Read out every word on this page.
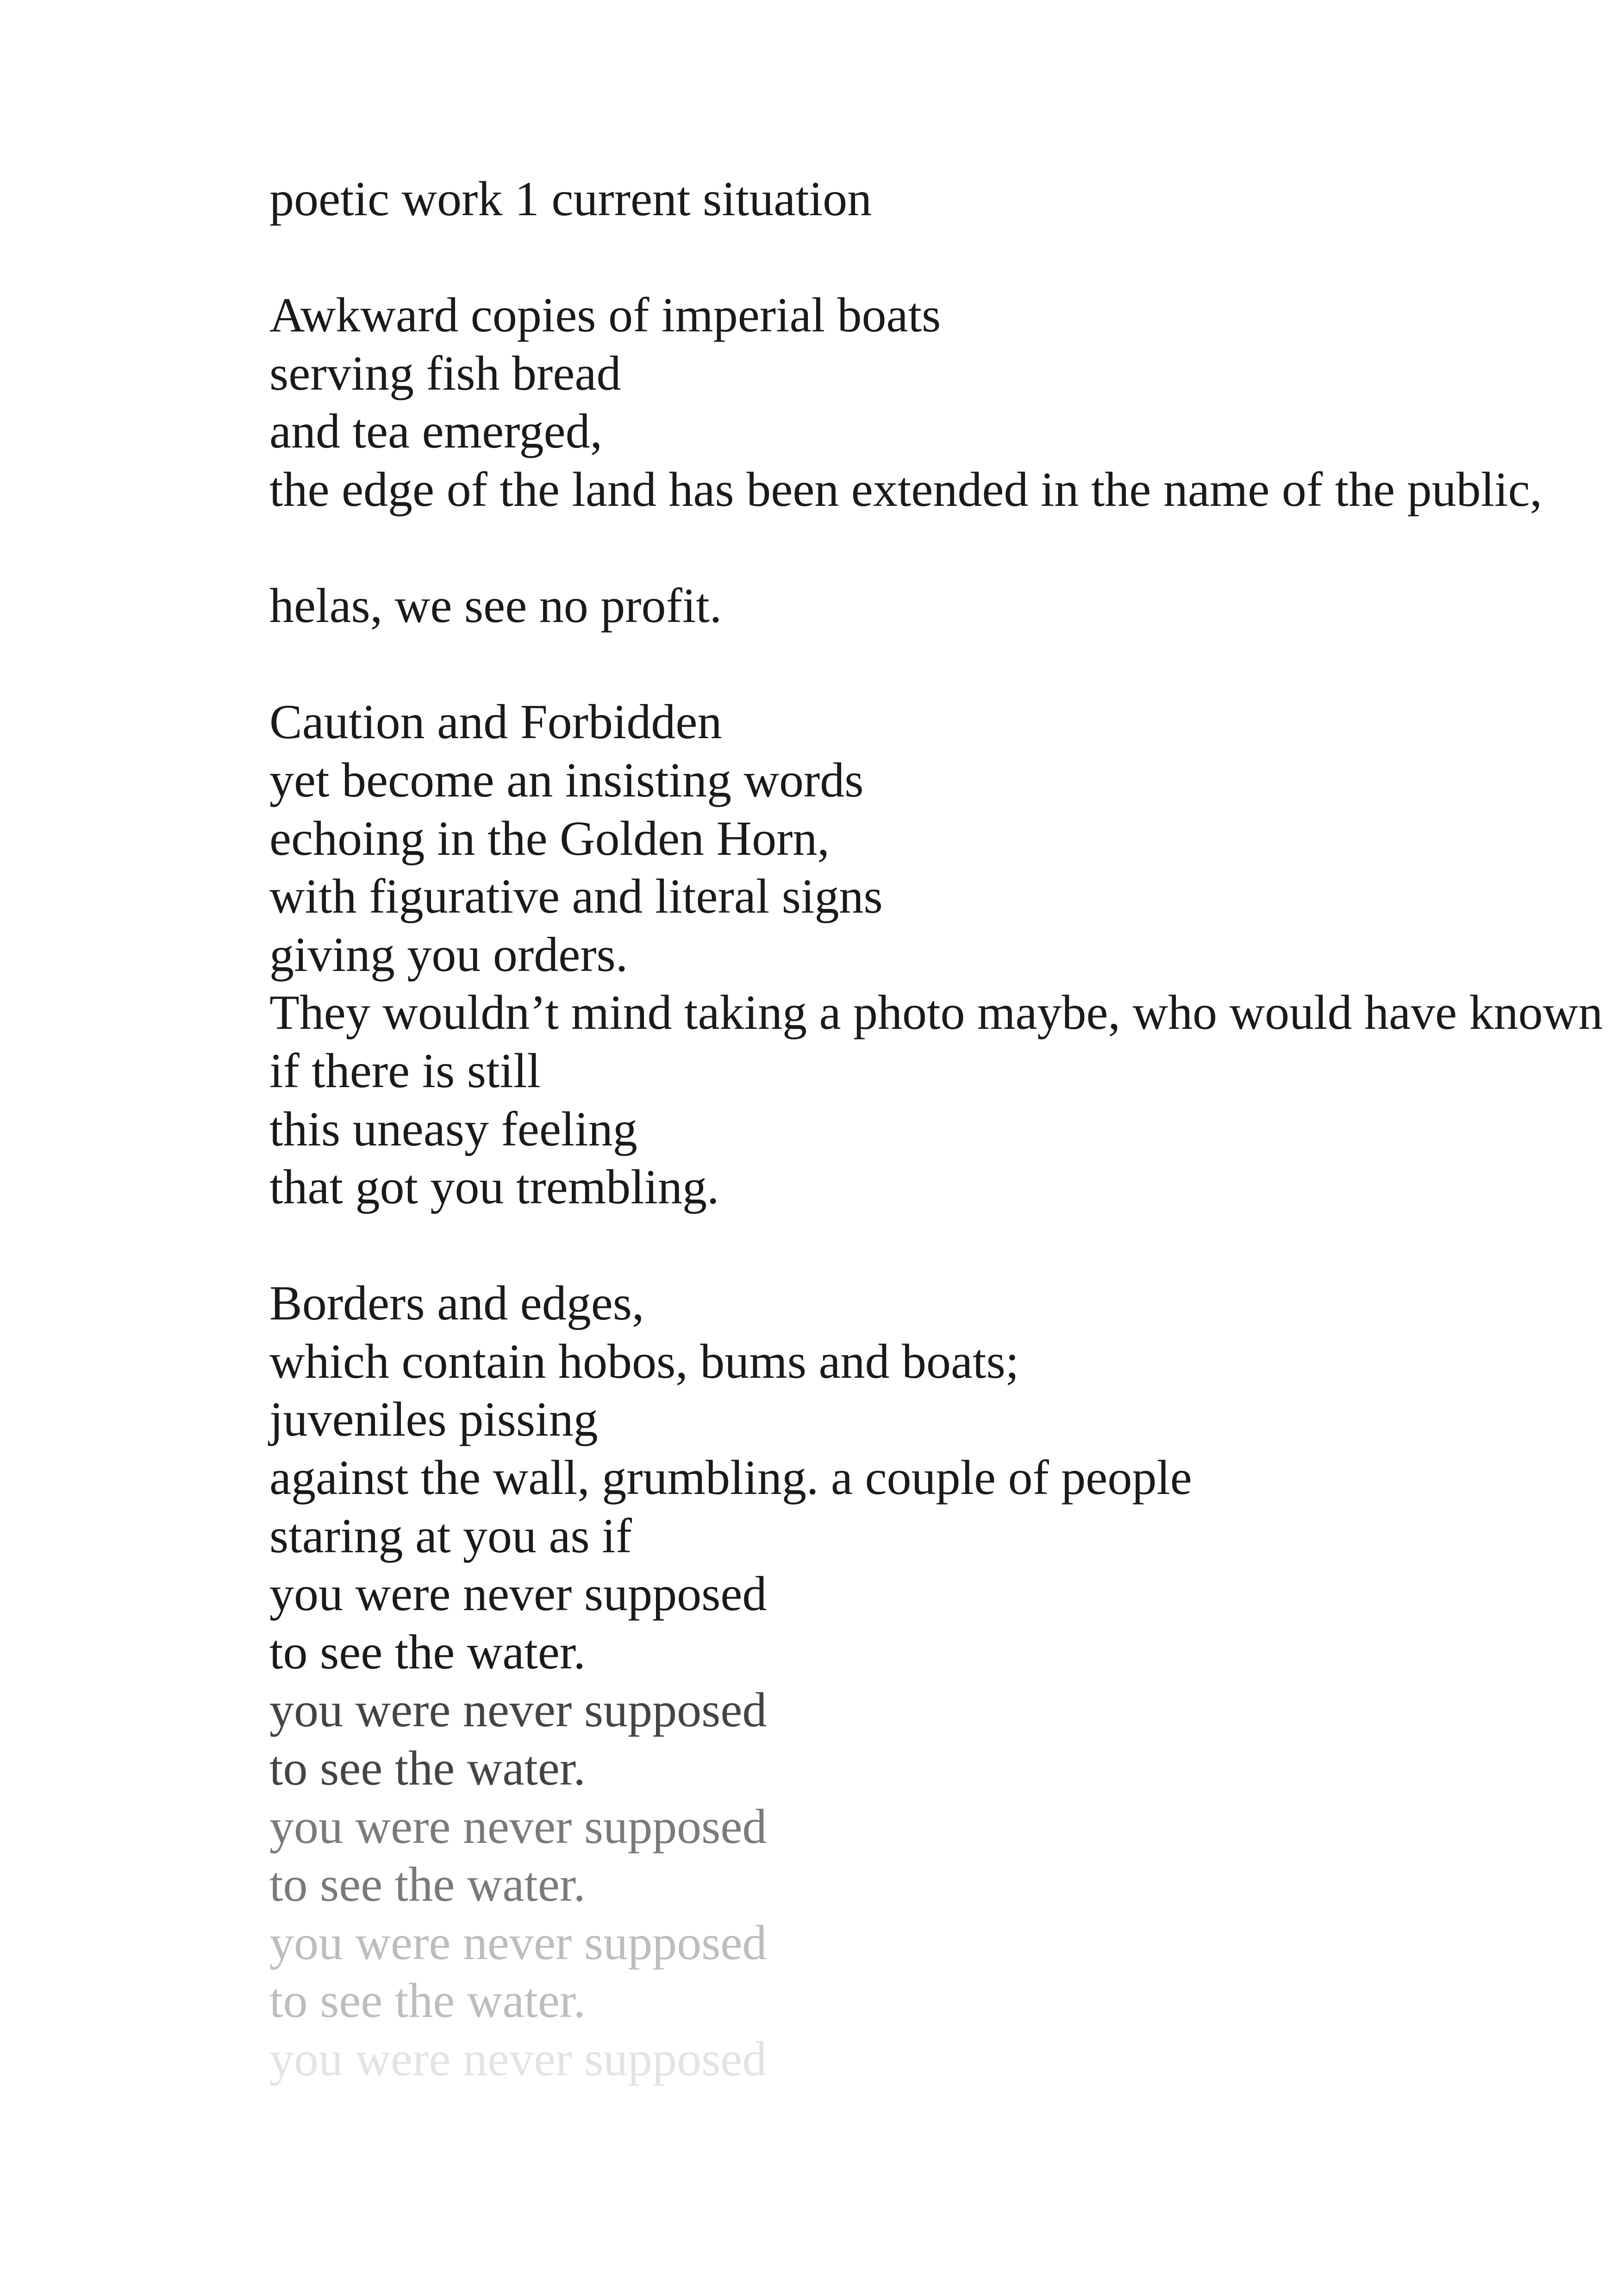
poetic work 1 current situation
Awkward copies of imperial boats
serving fish bread
and tea emerged,
the edge of the land has been extended in the name of the public,
helas, we see no profit.
Caution and Forbidden
yet become an insisting words
echoing in the Golden Horn,
with figurative and literal signs
giving you orders.
They wouldn’t mind taking a photo maybe, who would have known
if there is still
this uneasy feeling
that got you trembling.
Borders and edges,
which contain hobos, bums and boats;
juveniles pissing
against the wall, grumbling. a couple of people
staring at you as if
you were never supposed
to see the water.
you were never supposed
to see the water.
you were never supposed
to see the water.
you were never supposed
to see the water.
you were never supposed
